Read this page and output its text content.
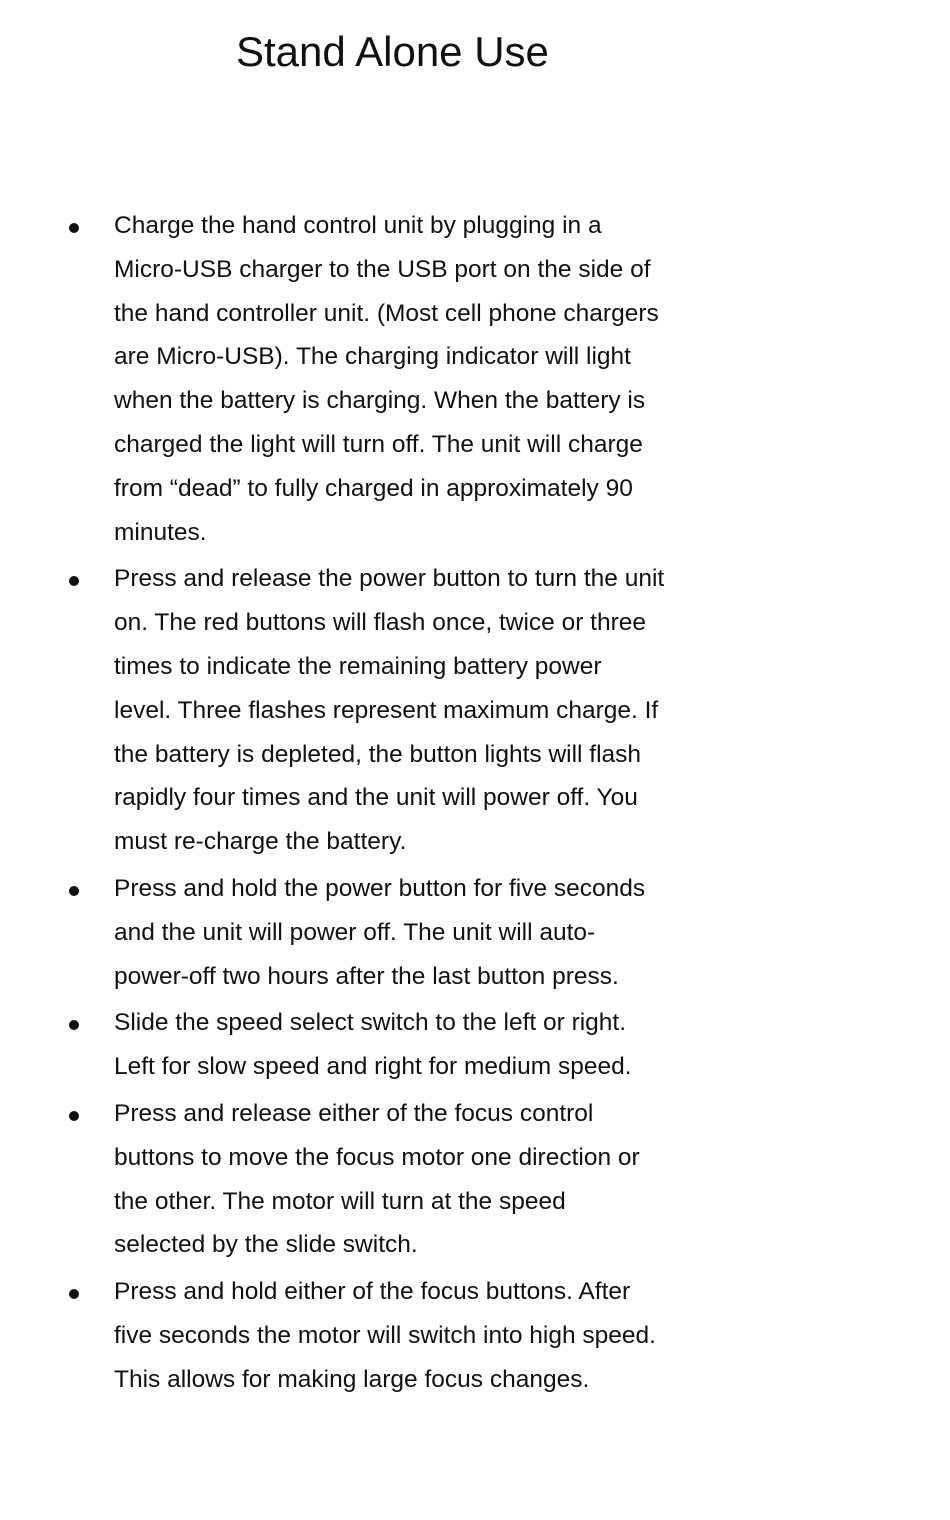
Stand Alone Use
Charge the hand control unit by plugging in a
Micro-USB charger to the USB port on the side of
the hand controller unit. (Most cell phone chargers
are Micro-USB). The charging indicator will light
when the battery is charging. When the battery is
charged the light will turn off. The unit will charge
from “dead” to fully charged in approximately 90
minutes.
Press and release the power button to turn the unit
on. The red buttons will flash once, twice or three
times to indicate the remaining battery power
level. Three flashes represent maximum charge. If
the battery is depleted, the button lights will flash
rapidly four times and the unit will power off. You
must re-charge the battery.
Press and hold the power button for five seconds
and the unit will power off. The unit will auto-
power-off two hours after the last button press.
Slide the speed select switch to the left or right.
Left for slow speed and right for medium speed.
Press and release either of the focus control
buttons to move the focus motor one direction or
the other. The motor will turn at the speed
selected by the slide switch.
Press and hold either of the focus buttons. After
five seconds the motor will switch into high speed.
This allows for making large focus changes.
